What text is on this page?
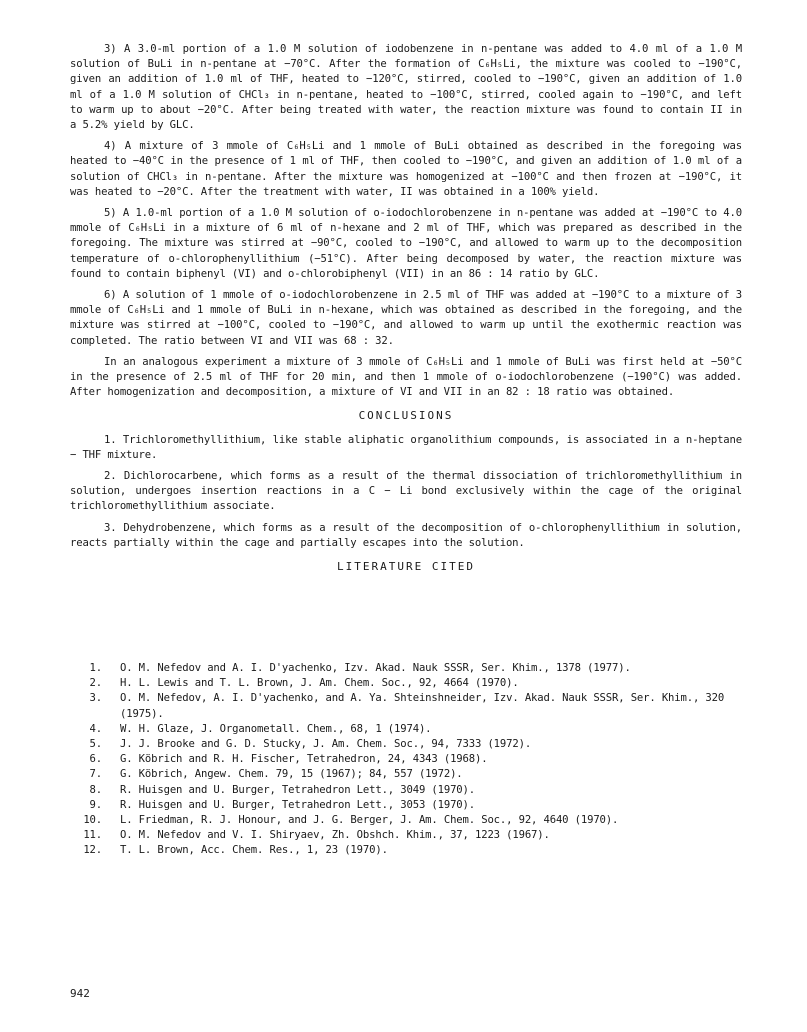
3) A 3.0-ml portion of a 1.0 M solution of iodobenzene in n-pentane was added to 4.0 ml of a 1.0 M solution of BuLi in n-pentane at −70°C. After the formation of C₆H₅Li, the mixture was cooled to −190°C, given an addition of 1.0 ml of THF, heated to −120°C, stirred, cooled to −190°C, given an addition of 1.0 ml of a 1.0 M solution of CHCl₃ in n-pentane, heated to −100°C, stirred, cooled again to −190°C, and left to warm up to about −20°C. After being treated with water, the reaction mixture was found to contain II in a 5.2% yield by GLC.

4) A mixture of 3 mmole of C₆H₅Li and 1 mmole of BuLi obtained as described in the foregoing was heated to −40°C in the presence of 1 ml of THF, then cooled to −190°C, and given an addition of 1.0 ml of a solution of CHCl₃ in n-pentane. After the mixture was homogenized at −100°C and then frozen at −190°C, it was heated to −20°C. After the treatment with water, II was obtained in a 100% yield.

5) A 1.0-ml portion of a 1.0 M solution of o-iodochlorobenzene in n-pentane was added at −190°C to 4.0 mmole of C₆H₅Li in a mixture of 6 ml of n-hexane and 2 ml of THF, which was prepared as described in the foregoing. The mixture was stirred at −90°C, cooled to −190°C, and allowed to warm up to the decomposition temperature of o-chlorophenyllithium (−51°C). After being decomposed by water, the reaction mixture was found to contain biphenyl (VI) and o-chlorobiphenyl (VII) in an 86 : 14 ratio by GLC.

6) A solution of 1 mmole of o-iodochlorobenzene in 2.5 ml of THF was added at −190°C to a mixture of 3 mmole of C₆H₅Li and 1 mmole of BuLi in n-hexane, which was obtained as described in the foregoing, and the mixture was stirred at −100°C, cooled to −190°C, and allowed to warm up until the exothermic reaction was completed. The ratio between VI and VII was 68 : 32.

In an analogous experiment a mixture of 3 mmole of C₆H₅Li and 1 mmole of BuLi was first held at −50°C in the presence of 2.5 ml of THF for 20 min, and then 1 mmole of o-iodochlorobenzene (−190°C) was added. After homogenization and decomposition, a mixture of VI and VII in an 82 : 18 ratio was obtained.

CONCLUSIONS

1. Trichloromethyllithium, like stable aliphatic organolithium compounds, is associated in a n-heptane − THF mixture.

2. Dichlorocarbene, which forms as a result of the thermal dissociation of trichloromethyllithium in solution, undergoes insertion reactions in a C − Li bond exclusively within the cage of the original trichloromethyllithium associate.

3. Dehydrobenzene, which forms as a result of the decomposition of o-chlorophenyllithium in solution, reacts partially within the cage and partially escapes into the solution.

LITERATURE CITED
1.	O. M. Nefedov and A. I. D'yachenko, Izv. Akad. Nauk SSSR, Ser. Khim., 1378 (1977).
2.	H. L. Lewis and T. L. Brown, J. Am. Chem. Soc., 92, 4664 (1970).
3.	O. M. Nefedov, A. I. D'yachenko, and A. Ya. Shteinshneider, Izv. Akad. Nauk SSSR, Ser. Khim., 320 (1975).
4.	W. H. Glaze, J. Organometall. Chem., 68, 1 (1974).
5.	J. J. Brooke and G. D. Stucky, J. Am. Chem. Soc., 94, 7333 (1972).
6.	G. Köbrich and R. H. Fischer, Tetrahedron, 24, 4343 (1968).
7.	G. Köbrich, Angew. Chem. 79, 15 (1967); 84, 557 (1972).
8.	R. Huisgen and U. Burger, Tetrahedron Lett., 3049 (1970).
9.	R. Huisgen and U. Burger, Tetrahedron Lett., 3053 (1970).
10.	L. Friedman, R. J. Honour, and J. G. Berger, J. Am. Chem. Soc., 92, 4640 (1970).
11.	O. M. Nefedov and V. I. Shiryaev, Zh. Obshch. Khim., 37, 1223 (1967).
12.	T. L. Brown, Acc. Chem. Res., 1, 23 (1970).
942
